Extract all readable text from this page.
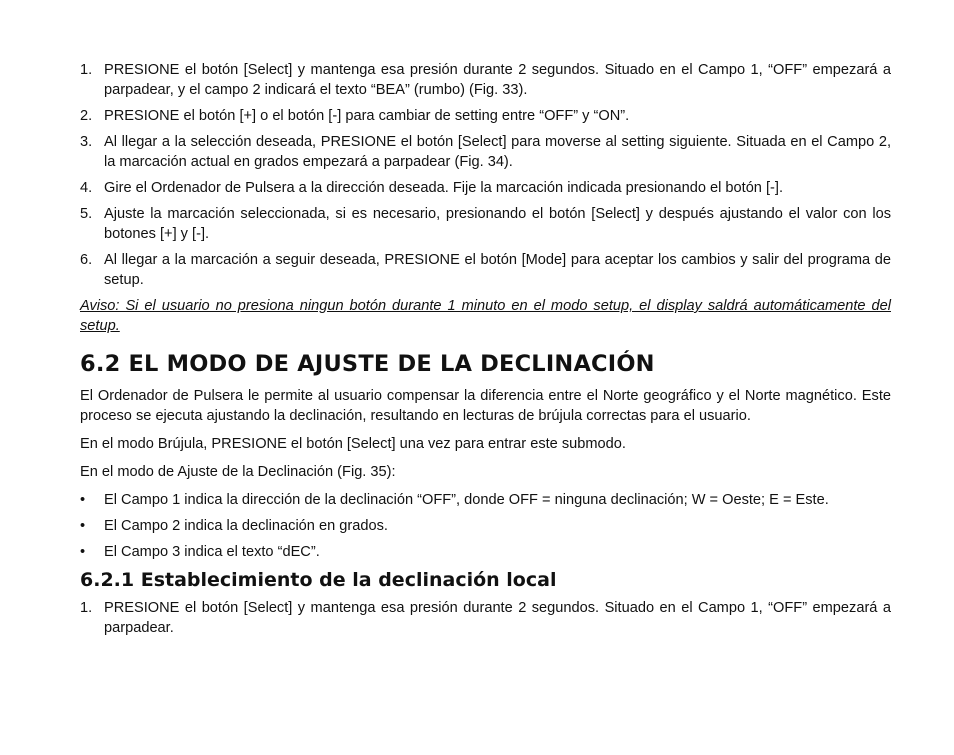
1. PRESIONE el botón [Select] y mantenga esa presión durante 2 segundos. Situado en el Campo 1, “OFF” empezará a parpadear, y el campo 2 indicará el texto “BEA” (rumbo) (Fig. 33).
2. PRESIONE el botón [+] o el botón [-] para cambiar de setting entre “OFF” y “ON”.
3. Al llegar a la selección deseada, PRESIONE el botón [Select] para moverse al setting siguiente. Situada en el Campo 2, la marcación actual en grados empezará a parpadear (Fig. 34).
4. Gire el Ordenador de Pulsera a la dirección deseada. Fije la marcación indicada presionando el botón [-].
5. Ajuste la marcación seleccionada, si es necesario, presionando el botón [Select] y después ajustando el valor con los botones [+] y [-].
6. Al llegar a la marcación a seguir deseada, PRESIONE el botón [Mode] para aceptar los cambios y salir del programa de setup.

Aviso: Si el usuario no presiona ningun botón durante 1 minuto en el modo setup, el display saldrá automáticamente del setup.

6.2 EL MODO DE AJUSTE DE LA DECLINACIÓN

El Ordenador de Pulsera le permite al usuario compensar la diferencia entre el Norte geográfico y el Norte magnético. Este proceso se ejecuta ajustando la declinación, resultando en lecturas de brújula correctas para el usuario.

En el modo Brújula, PRESIONE el botón [Select] una vez para entrar este submodo.

En el modo de Ajuste de la Declinación (Fig. 35):

• El Campo 1 indica la dirección de la declinación “OFF”, donde OFF = ninguna declinación; W = Oeste; E = Este.
• El Campo 2 indica la declinación en grados.
• El Campo 3 indica el texto “dEC”.
6.2.1 Establecimiento de la declinación local
1. PRESIONE el botón [Select] y mantenga esa presión durante 2 segundos. Situado en el Campo 1, “OFF” empezará a parpadear.
